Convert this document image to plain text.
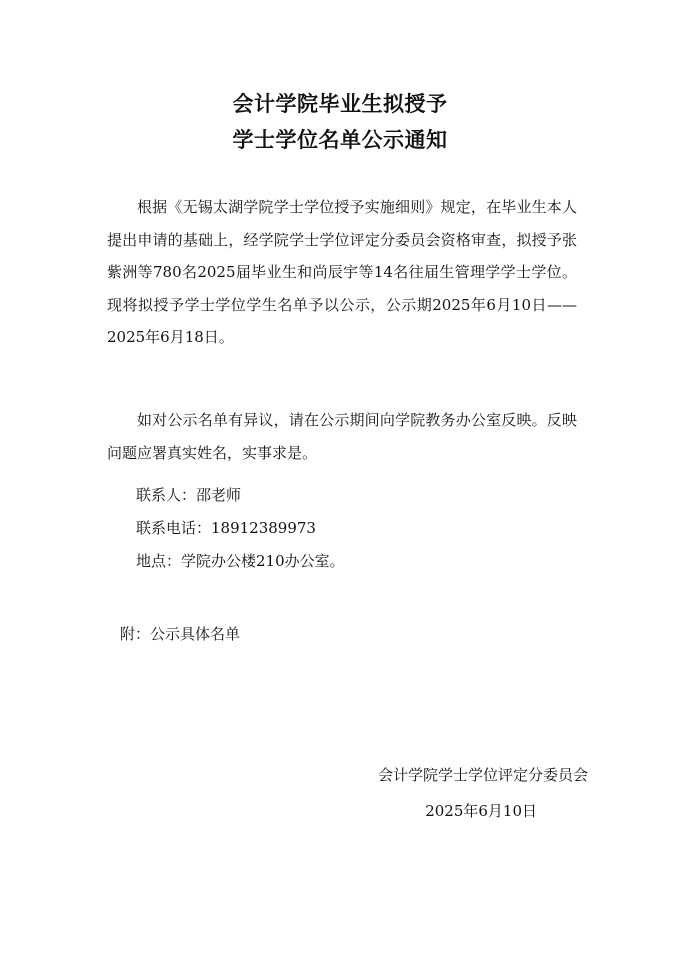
会计学院毕业生拟授予
学士学位名单公示通知

根据《无锡太湖学院学士学位授予实施细则》规定，在毕业生本人提出申请的基础上，经学院学士学位评定分委员会资格审查，拟授予张紫洲等780名2025届毕业生和尚辰宇等14名往届生管理学学士学位。现将拟授予学士学位学生名单予以公示，公示期2025年6月10日——2025年6月18日。

如对公示名单有异议，请在公示期间向学院教务办公室反映。反映问题应署真实姓名，实事求是。

联系人：邵老师
联系电话：18912389973
地点：学院办公楼210办公室。
附：公示具体名单
会计学院学士学位评定分委员会
2025年6月10日
